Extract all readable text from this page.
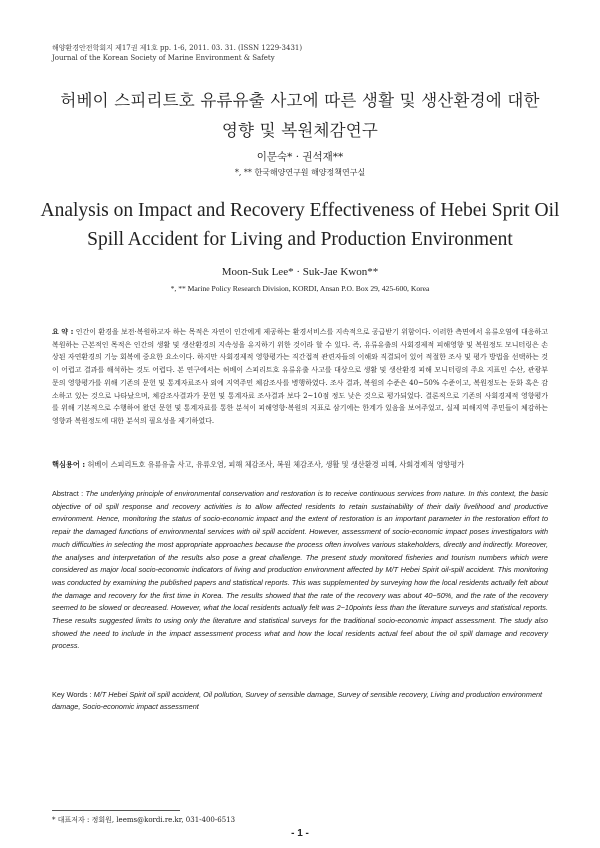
해양환경안전학회지 제17권 제1호 pp. 1-6, 2011. 03. 31. (ISSN 1229-3431)
Journal of the Korean Society of Marine Environment & Safety
허베이 스피리트호 유류유출 사고에 따른 생활 및 생산환경에 대한
영향 및 복원체감연구
이문숙* · 권석재**
*, ** 한국해양연구원 해양정책연구실
Analysis on Impact and Recovery Effectiveness of Hebei Sprit Oil
Spill Accident for Living and Production Environment
Moon-Suk Lee* · Suk-Jae Kwon**
*, ** Marine Policy Research Division, KORDI, Ansan P.O. Box 29, 425-600, Korea
요 약 : 인간이 환경을 보전·복원하고자 하는 목적은 자연이 인간에게 제공하는 환경서비스를 지속적으로 공급받기 위함이다. 이러한 측면에서 유류오염에 대응하고 복원하는 근본적인 목적은 인간의 생활 및 생산환경의 지속성을 유지하기 위한 것이라 할 수 있다. 즉, 유류유출의 사회경제적 피해영향 및 복원정도 모니터링은 손상된 자연환경의 기능 회복에 중요한 요소이다. 하지만 사회경제적 영향평가는 직간접적 관련자들의 이해와 직결되어 있어 적절한 조사 및 평가 방법을 선택하는 것이 어렵고 결과를 해석하는 것도 어렵다. 본 연구에서는 허베이 스피리트호 유류유출 사고를 대상으로 생활 및 생산환경 피해 모니터링의 주요 지표인 수산, 관광부문의 영향평가를 위해 기존의 문헌 및 통계자료조사 외에 지역주민 체감조사를 병행하였다. 조사 결과, 복원의 수준은 40~50% 수준이고, 복원정도는 둔화 혹은 감소하고 있는 것으로 나타났으며, 체감조사결과가 문헌 및 통계자료 조사결과 보다 2~10점 정도 낮은 것으로 평가되었다. 결론적으로 기존의 사회경제적 영향평가를 위해 기본적으로 수행하여 왔던 문헌 및 통계자료를 통한 분석이 피해영향·복원의 지표로 삼기에는 한계가 있음을 보여주었고, 실제 피해지역 주민들이 체감하는 영향과 복원정도에 대한 분석의 필요성을 제기하였다.
핵심용어 : 허베이 스피리트호 유류유출 사고, 유류오염, 피해 체감조사, 복원 체감조사, 생활 및 생산환경 피해, 사회경제적 영향평가
Abstract : The underlying principle of environmental conservation and restoration is to receive continuous services from nature. In this context, the basic objective of oil spill response and recovery activities is to allow affected residents to retain sustainability of their daily livelihood and productive environment. Hence, monitoring the status of socio-economic impact and the extent of restoration is an important parameter in the restoration effort to repair the damaged functions of environmental services with oil spill accident. However, assessment of socio-economic impact poses investigators with much difficulties in selecting the most appropriate approaches because the process often involves various stakeholders, directly and indirectly. Moreover, the analyses and interpretation of the results also pose a great challenge. The present study monitored fisheries and tourism numbers which were considered as major local socio-economic indicators of living and production environment affected by M/T Hebei Spirit oil-spill accident. This monitoring was conducted by examining the published papers and statistical reports. This was supplemented by surveying how the local residents actually felt about the damage and recovery for the first time in Korea. The results showed that the rate of the recovery was about 40~50%, and the rate of the recovery seemed to be slowed or decreased. However, what the local residents actually felt was 2~10points less than the literature surveys and statistical reports. These results suggested limits to using only the literature and statistical surveys for the traditional socio-economic impact assessment. The study also showed the need to include in the impact assessment process what and how the local residents actual feel about the oil spill damage and recovery process.
Key Words : M/T Hebei Spirit oil spill accident, Oil pollution, Survey of sensible damage, Survey of sensible recovery, Living and production environment damage, Socio-economic impact assessment
* 대표저자 : 정회원, leems@kordi.re.kr, 031-400-6513
- 1 -
